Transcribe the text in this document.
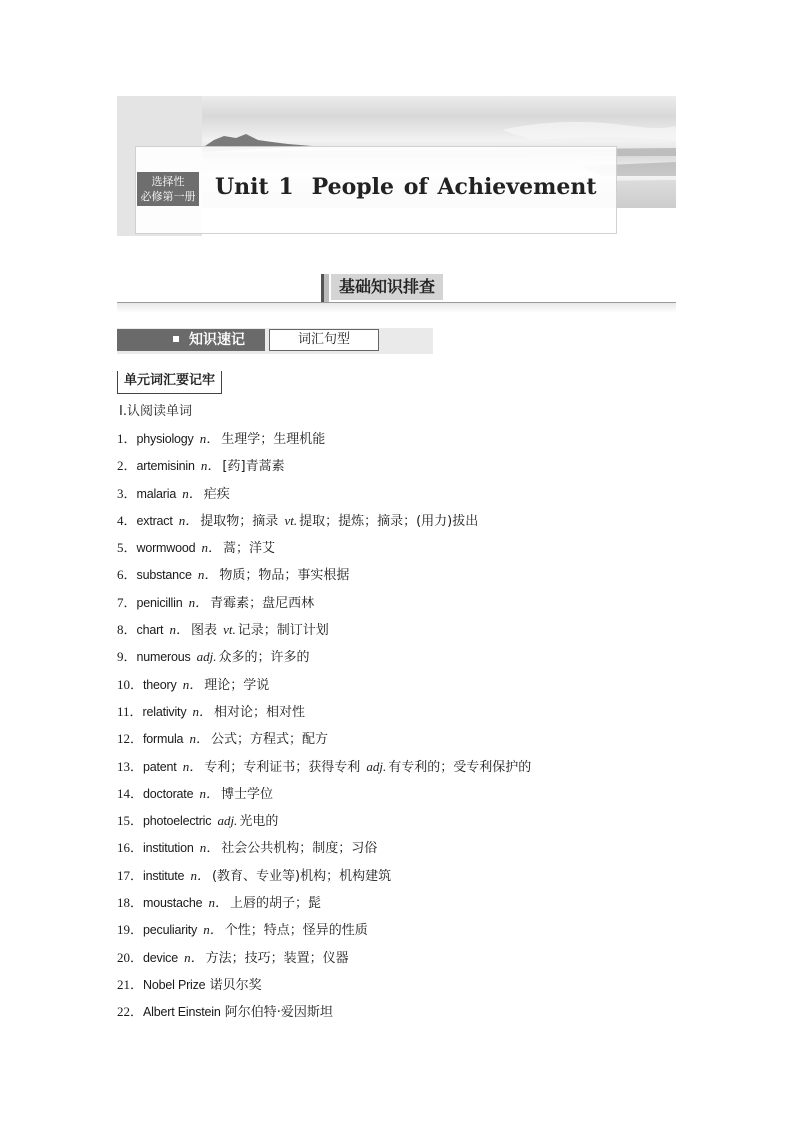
选择性
必修第一册 Unit 1 People of Achievement
基础知识排查
知识速记	词汇句型
单元词汇要记牢
Ⅰ.认阅读单词
1．physiology n． 生理学；生理机能
2．artemisinin n． [药]青蒿素
3．malaria n． 疟疾
4．extract n． 提取物；摘录 vt. 提取；提炼；摘录；(用力)拔出
5．wormwood n． 蒿；洋艾
6．substance n． 物质；物品；事实根据
7．penicillin n． 青霉素；盘尼西林
8．chart n． 图表 vt. 记录；制订计划
9．numerous adj. 众多的；许多的
10．theory n． 理论；学说
11．relativity n． 相对论；相对性
12．formula n． 公式；方程式；配方
13．patent n． 专利；专利证书；获得专利 adj. 有专利的；受专利保护的
14．doctorate n． 博士学位
15．photoelectric adj. 光电的
16．institution n． 社会公共机构；制度；习俗
17．institute n． (教育、专业等)机构；机构建筑
18．moustache n． 上唇的胡子；髭
19．peculiarity n． 个性；特点；怪异的性质
20．device n． 方法；技巧；装置；仪器
21．Nobel Prize 诺贝尔奖
22．Albert Einstein 阿尔伯特·爱因斯坦
